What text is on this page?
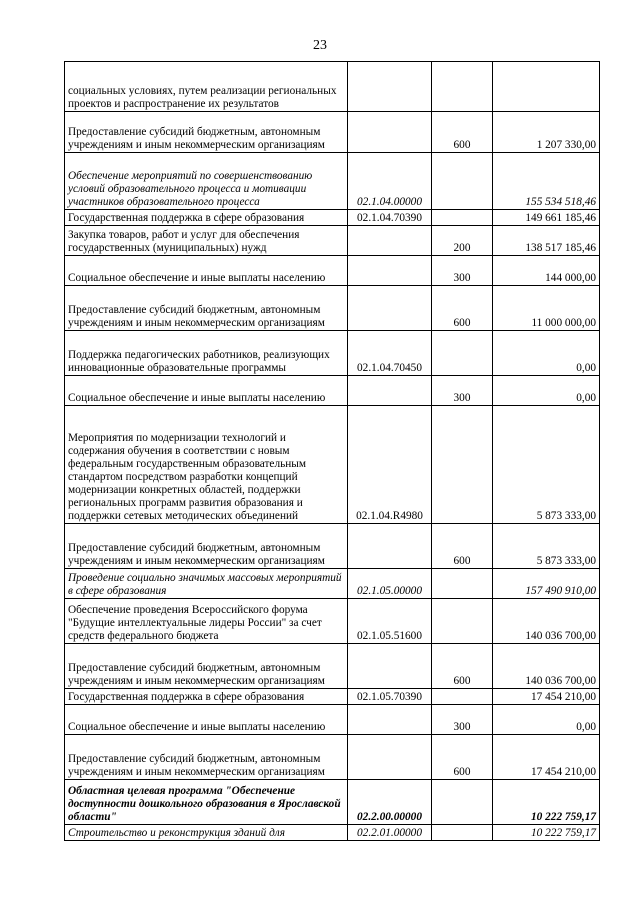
23
социальных условиях, путем реализации региональных проектов и распространение их результатов			
Предоставление субсидий бюджетным, автономным учреждениям и иным некоммерческим организациям		600	1 207 330,00
Обеспечение мероприятий по совершенствованию условий образовательного процесса и мотивации участников образовательного процесса	02.1.04.00000		155 534 518,46
Государственная поддержка в сфере образования	02.1.04.70390		149 661 185,46
Закупка товаров, работ и услуг для обеспечения государственных (муниципальных) нужд		200	138 517 185,46
Социальное обеспечение и иные выплаты населению		300	144 000,00
Предоставление субсидий бюджетным, автономным учреждениям и иным некоммерческим организациям		600	11 000 000,00
Поддержка педагогических работников, реализующих инновационные образовательные программы	02.1.04.70450		0,00
Социальное обеспечение и иные выплаты населению		300	0,00
Мероприятия по модернизации технологий и содержания обучения в соответствии с новым федеральным государственным образовательным стандартом посредством разработки концепций модернизации конкретных областей, поддержки региональных программ развития образования и поддержки сетевых методических объединений	02.1.04.R4980		5 873 333,00
Предоставление субсидий бюджетным, автономным учреждениям и иным некоммерческим организациям		600	5 873 333,00
Проведение социально значимых массовых мероприятий в сфере образования	02.1.05.00000		157 490 910,00
Обеспечение проведения Всероссийского форума "Будущие интеллектуальные лидеры России" за счет средств федерального бюджета	02.1.05.51600		140 036 700,00
Предоставление субсидий бюджетным, автономным учреждениям и иным некоммерческим организациям		600	140 036 700,00
Государственная поддержка в сфере образования	02.1.05.70390		17 454 210,00
Социальное обеспечение и иные выплаты населению		300	0,00
Предоставление субсидий бюджетным, автономным учреждениям и иным некоммерческим организациям		600	17 454 210,00
Областная целевая программа "Обеспечение доступности дошкольного образования в Ярославской области"	02.2.00.00000		10 222 759,17
Строительство и реконструкция зданий для	02.2.01.00000		10 222 759,17
